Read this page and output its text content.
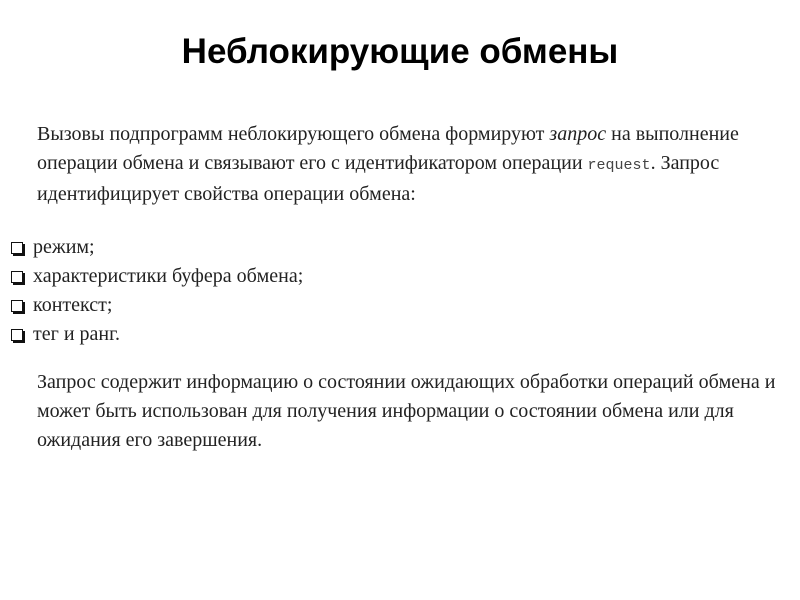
Неблокирующие обмены

Вызовы подпрограмм неблокирующего обмена формируют запрос на выполнение операции обмена и связывают его с идентификатором операции request. Запрос идентифицирует свойства операции обмена:

режим;
характеристики буфера обмена;
контекст;
тег и ранг.

Запрос содержит информацию о состоянии ожидающих обработки операций обмена и может быть использован для получения информации о состоянии обмена или для ожидания его завершения.
